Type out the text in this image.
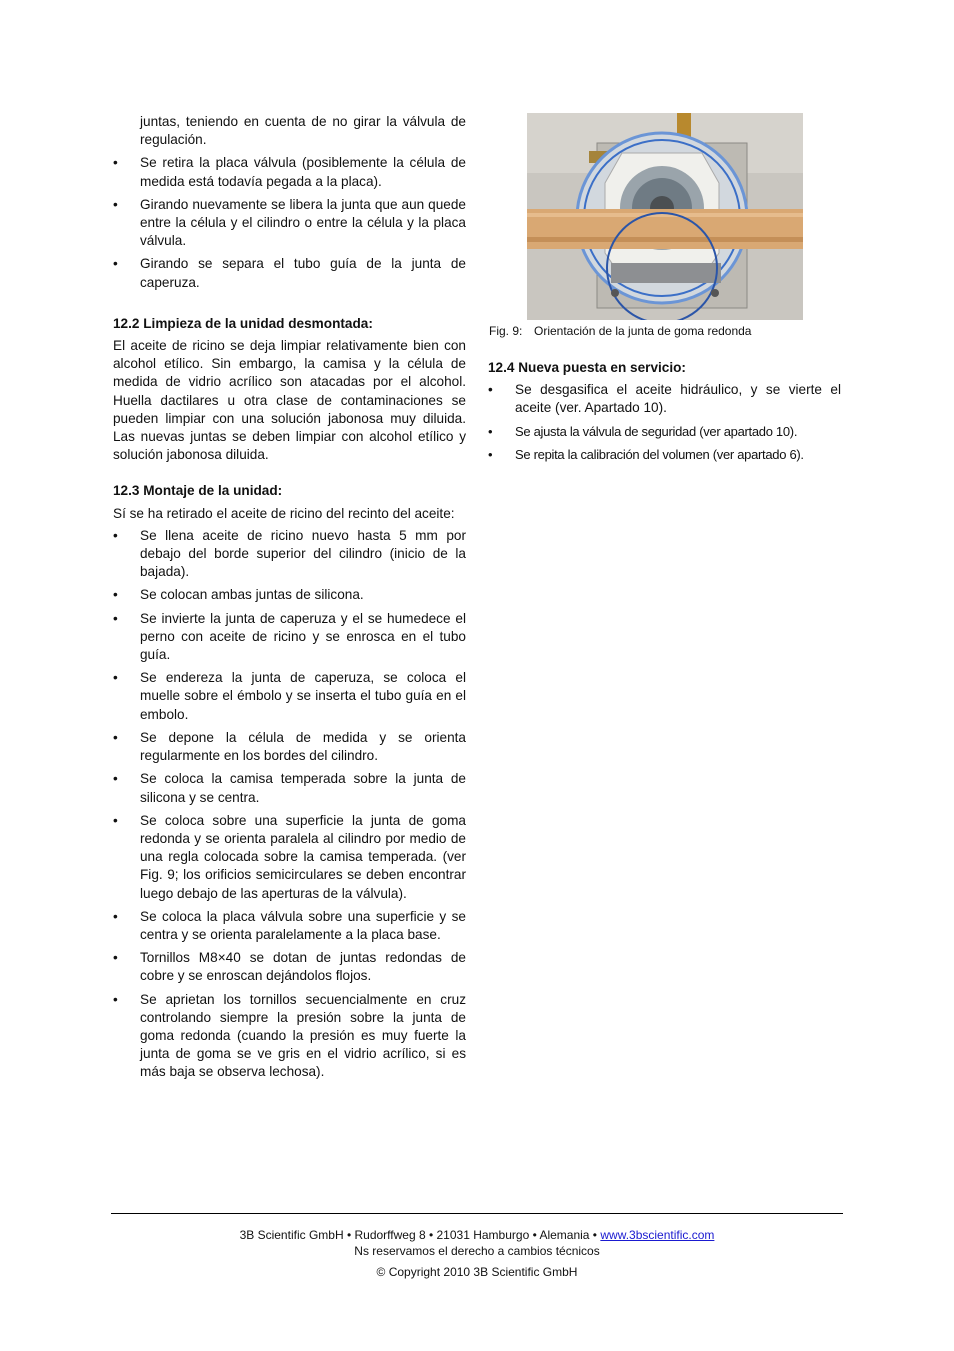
juntas, teniendo en cuenta de no girar la válvula de regulación.
• Se retira la placa válvula (posiblemente la célula de medida está todavía pegada a la placa).
• Girando nuevamente se libera la junta que aun quede entre la célula y el cilindro o entre la célula y la placa válvula.
• Girando se separa el tubo guía de la junta de caperuza.
12.2 Limpieza de la unidad desmontada:

El aceite de ricino se deja limpiar relativamente bien con alcohol etílico. Sin embargo, la camisa y la célula de medida de vidrio acrílico son atacadas por el alcohol. Huella dactilares u otra clase de contaminaciones se pueden limpiar con una solución jabonosa muy diluida. Las nuevas juntas se deben limpiar con alcohol etílico y solución jabonosa diluida.

12.3 Montaje de la unidad:

Sí se ha retirado el aceite de ricino del recinto del aceite:

• Se llena aceite de ricino nuevo hasta 5 mm por debajo del borde superior del cilindro (inicio de la bajada).
• Se colocan ambas juntas de silicona.
• Se invierte la junta de caperuza y el se humedece el perno con aceite de ricino y se enrosca en el tubo guía.
• Se endereza la junta de caperuza, se coloca el muelle sobre el émbolo y se inserta el tubo guía en el embolo.
• Se depone la célula de medida y se orienta regularmente en los bordes del cilindro.
• Se coloca la camisa temperada sobre la junta de silicona y se centra.
• Se coloca sobre una superficie la junta de goma redonda y se orienta paralela al cilindro por medio de una regla colocada sobre la camisa temperada. (ver Fig. 9; los orificios semicirculares se deben encontrar luego debajo de las aperturas de la válvula).
• Se coloca la placa válvula sobre una superficie y se centra y se orienta paralelamente a la placa base.
• Tornillos M8×40 se dotan de juntas redondas de cobre y se enroscan dejándolos flojos.
• Se aprietan los tornillos secuencialmente en cruz controlando siempre la presión sobre la junta de goma redonda (cuando la presión es muy fuerte la junta de goma se ve gris en el vidrio acrílico, si es más baja se observa lechosa).
Fig. 9: Orientación de la junta de goma redonda
12.4 Nueva puesta en servicio:
• Se desgasifica el aceite hidráulico, y se vierte el aceite (ver. Apartado 10).
• Se ajusta la válvula de seguridad (ver apartado 10).
• Se repita la calibración del volumen (ver apartado 6).
3B Scientific GmbH • Rudorffweg 8 • 21031 Hamburgo • Alemania • www.3bscientific.com
Ns reservamos el derecho a cambios técnicos
© Copyright 2010 3B Scientific GmbH
